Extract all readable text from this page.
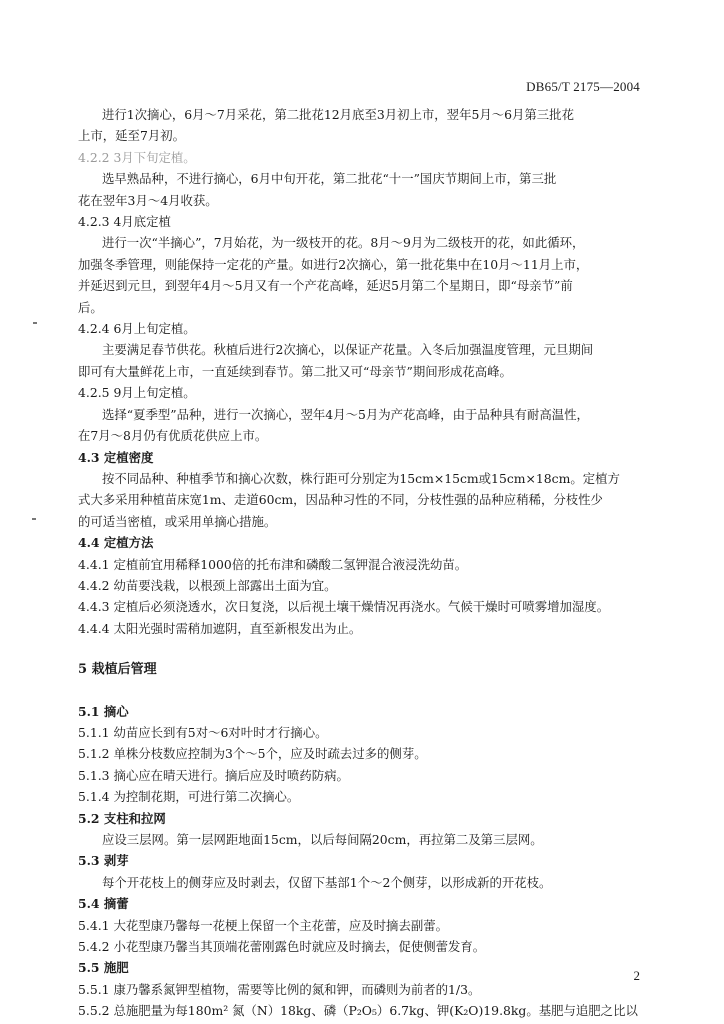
DB65/T 2175—2004
进行1次摘心，6月～7月采花，第二批花12月底至3月初上市，翌年5月～6月第三批花
上市，延至7月初。
4.2.2 3月下旬定植。
选早熟品种，不进行摘心，6月中旬开花，第二批花“十一”国庆节期间上市，第三批
花在翌年3月～4月收获。
4.2.3 4月底定植
进行一次“半摘心”，7月始花，为一级枝开的花。8月～9月为二级枝开的花，如此循环，
加强冬季管理，则能保持一定花的产量。如进行2次摘心，第一批花集中在10月～11月上市，
并延迟到元旦，到翌年4月～5月又有一个产花高峰，延迟5月第二个星期日，即“母亲节”前
后。
4.2.4 6月上旬定植。
主要满足春节供花。秋植后进行2次摘心，以保证产花量。入冬后加强温度管理，元旦期间
即可有大量鲜花上市，一直延续到春节。第二批又可“母亲节”期间形成花高峰。
4.2.5 9月上旬定植。
选择“夏季型”品种，进行一次摘心，翌年4月～5月为产花高峰，由于品种具有耐高温性，
在7月～8月仍有优质花供应上市。
4.3 定植密度
按不同品种、种植季节和摘心次数，株行距可分别定为15cm×15cm或15cm×18cm。定植方
式大多采用种植苗床宽1m、走道60cm，因品种习性的不同，分枝性强的品种应稍稀，分枝性少
的可适当密植，或采用单摘心措施。
4.4 定植方法
4.4.1 定植前宜用稀释1000倍的托布津和磷酸二氢钾混合液浸洗幼苗。
4.4.2 幼苗要浅栽，以根颈上部露出土面为宜。
4.4.3 定植后必须浇透水，次日复浇，以后视土壤干燥情况再浇水。气候干燥时可喷雾增加湿度。
4.4.4 太阳光强时需稍加遮阴，直至新根发出为止。
5 栽植后管理
5.1 摘心
5.1.1 幼苗应长到有5对～6对叶时才行摘心。
5.1.2 单株分枝数应控制为3个～5个，应及时疏去过多的侧芽。
5.1.3 摘心应在晴天进行。摘后应及时喷药防病。
5.1.4 为控制花期，可进行第二次摘心。
5.2 支柱和拉网
应设三层网。第一层网距地面15cm，以后每间隔20cm，再拉第二及第三层网。
5.3 剥芽
每个开花枝上的侧芽应及时剥去，仅留下基部1个～2个侧芽，以形成新的开花枝。
5.4 摘蕾
5.4.1 大花型康乃馨每一花梗上保留一个主花蕾，应及时摘去副蕾。
5.4.2 小花型康乃馨当其顶端花蕾刚露色时就应及时摘去，促使侧蕾发育。
5.5 施肥
5.5.1 康乃馨系氮钾型植物，需要等比例的氮和钾，而磷则为前者的1/3。
5.5.2 总施肥量为每180m² 氮（N）18kg、磷（P₂O₅）6.7kg、钾(K₂O)19.8kg。基肥与追肥之比以
2
